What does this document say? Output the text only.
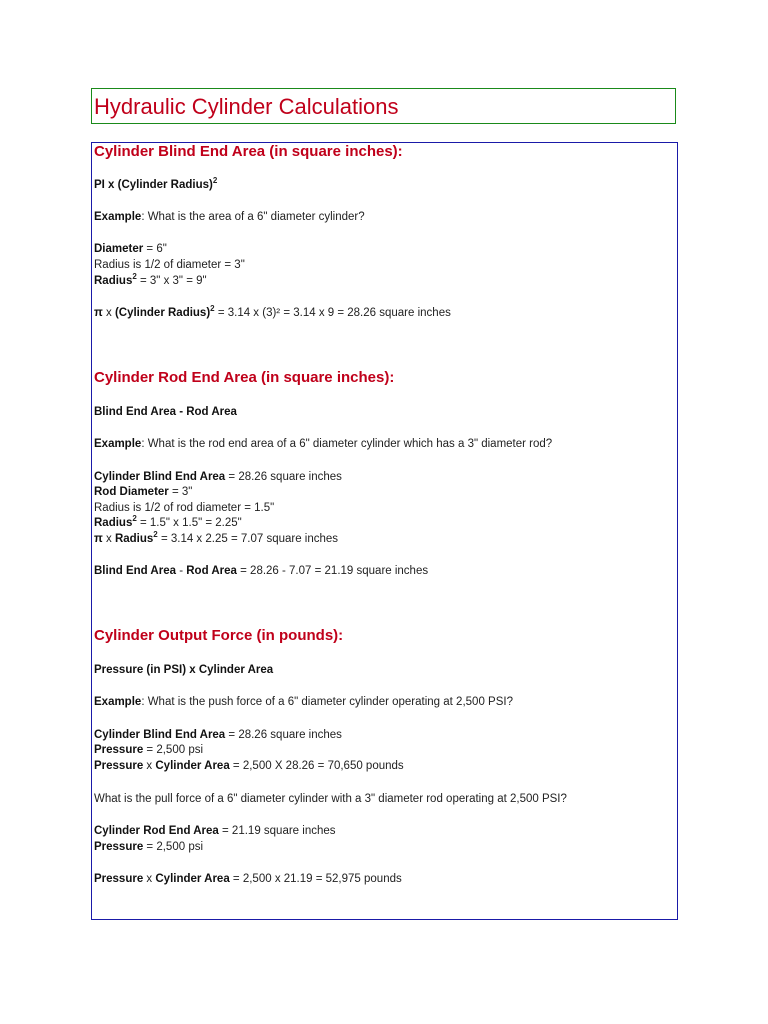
Hydraulic Cylinder Calculations
Cylinder Blind End Area (in square inches):
PI x (Cylinder Radius)$^2$
Example: What is the area of a 6" diameter cylinder?
Diameter = 6"
Radius is 1/2 of diameter = 3"
Radius$^2$ = 3" x 3" = 9"
π x (Cylinder Radius)$^2$ = 3.14 x (3)² = 3.14 x 9 = 28.26 square inches
Cylinder Rod End Area (in square inches):
Blind End Area - Rod Area
Example: What is the rod end area of a 6" diameter cylinder which has a 3" diameter rod?
Cylinder Blind End Area = 28.26 square inches
Rod Diameter = 3"
Radius is 1/2 of rod diameter = 1.5"
Radius$^2$ = 1.5" x 1.5" = 2.25"
π x Radius$^2$ = 3.14 x 2.25 = 7.07 square inches
Blind End Area - Rod Area = 28.26 - 7.07 = 21.19 square inches
Cylinder Output Force (in pounds):
Pressure (in PSI) x Cylinder Area
Example: What is the push force of a 6" diameter cylinder operating at 2,500 PSI?
Cylinder Blind End Area = 28.26 square inches
Pressure = 2,500 psi
Pressure x Cylinder Area = 2,500 X 28.26 = 70,650 pounds
What is the pull force of a 6" diameter cylinder with a 3" diameter rod operating at 2,500 PSI?
Cylinder Rod End Area = 21.19 square inches
Pressure = 2,500 psi
Pressure x Cylinder Area = 2,500 x 21.19 = 52,975 pounds
